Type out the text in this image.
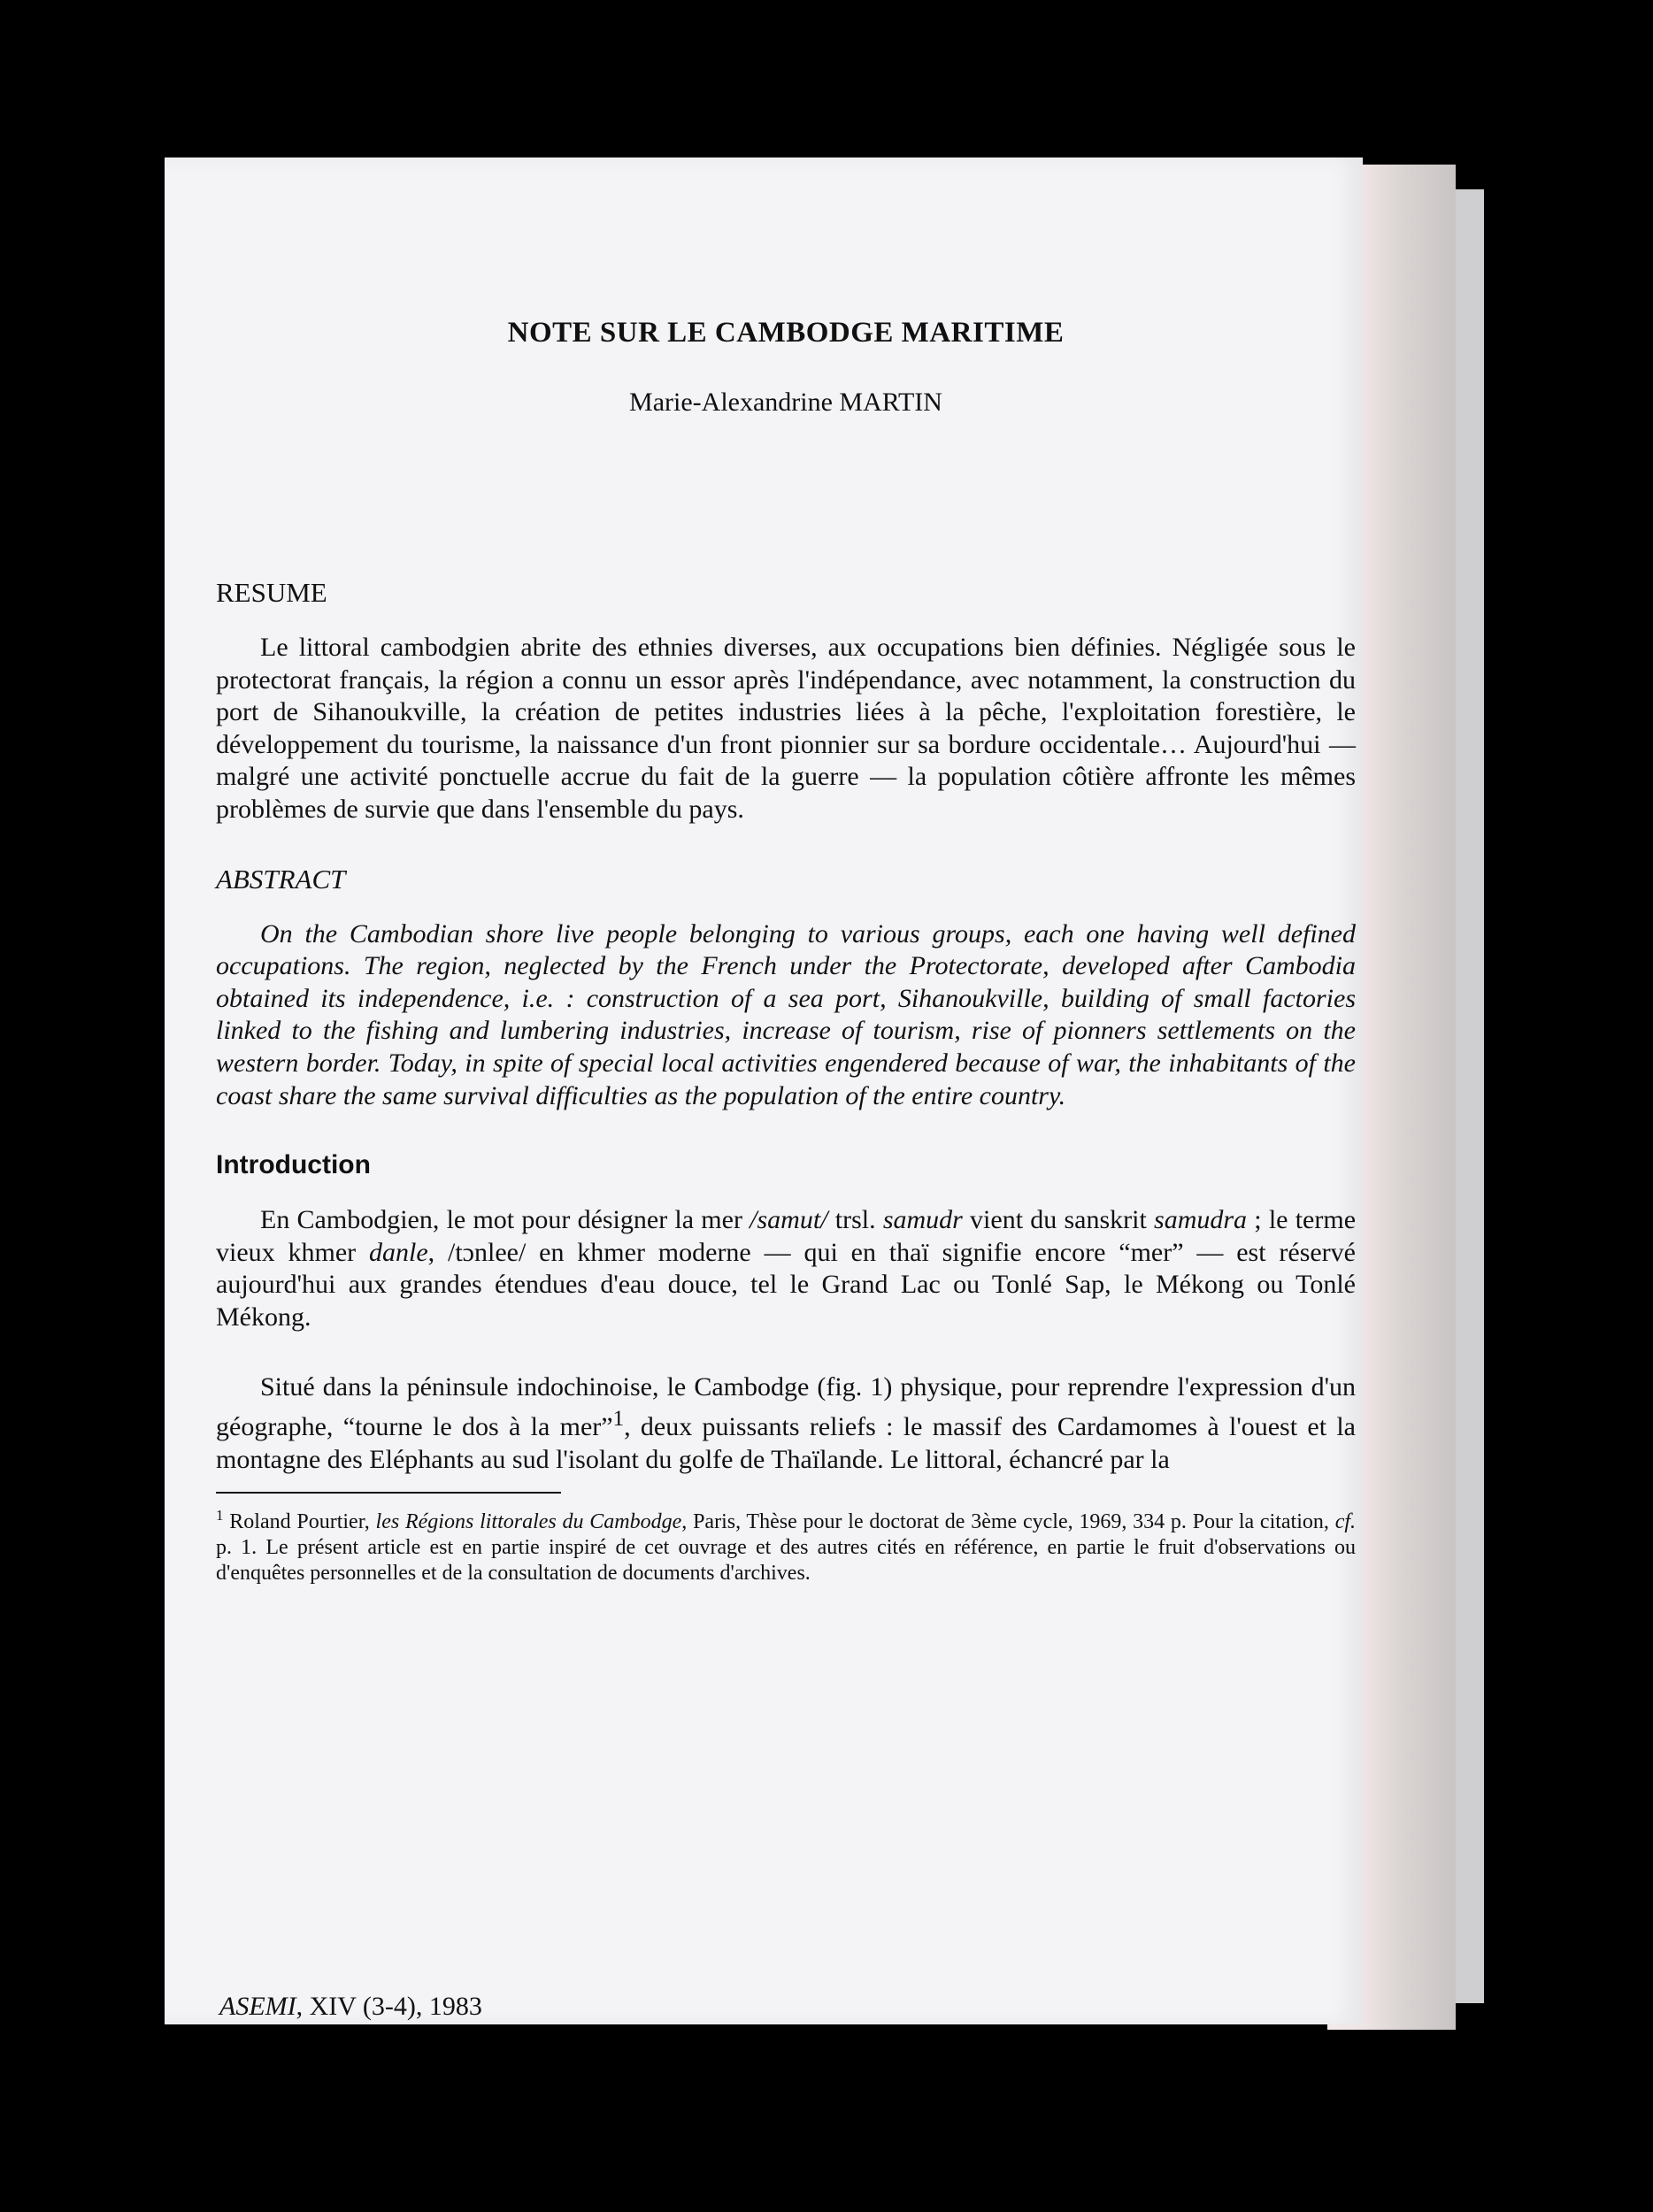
NOTE SUR LE CAMBODGE MARITIME
Marie-Alexandrine MARTIN
RESUME

Le littoral cambodgien abrite des ethnies diverses, aux occupations bien définies. Négligée sous le protectorat français, la région a connu un essor après l'indépendance, avec notamment, la construction du port de Sihanoukville, la création de petites industries liées à la pêche, l'exploitation forestière, le développement du tourisme, la naissance d'un front pionnier sur sa bordure occidentale… Aujourd'hui — malgré une activité ponctuelle accrue du fait de la guerre — la population côtière affronte les mêmes problèmes de survie que dans l'ensemble du pays.

ABSTRACT

On the Cambodian shore live people belonging to various groups, each one having well defined occupations. The region, neglected by the French under the Protectorate, developed after Cambodia obtained its independence, i.e. : construction of a sea port, Sihanoukville, building of small factories linked to the fishing and lumbering industries, increase of tourism, rise of pionners settlements on the western border. Today, in spite of special local activities engendered because of war, the inhabitants of the coast share the same survival difficulties as the population of the entire country.

Introduction

En Cambodgien, le mot pour désigner la mer /samut/ trsl. samudr vient du sanskrit samudra ; le terme vieux khmer danle, /tɔnlee/ en khmer moderne — qui en thaï signifie encore “mer” — est réservé aujourd'hui aux grandes étendues d'eau douce, tel le Grand Lac ou Tonlé Sap, le Mékong ou Tonlé Mékong.

Situé dans la péninsule indochinoise, le Cambodge (fig. 1) physique, pour reprendre l'expression d'un géographe, “tourne le dos à la mer”$^1$, deux puissants reliefs : le massif des Cardamomes à l'ouest et la montagne des Eléphants au sud l'isolant du golfe de Thaïlande. Le littoral, échancré par la

$^1$ Roland Pourtier, les Régions littorales du Cambodge, Paris, Thèse pour le doctorat de 3ème cycle, 1969, 334 p. Pour la citation, cf. p. 1. Le présent article est en partie inspiré de cet ouvrage et des autres cités en référence, en partie le fruit d'observations ou d'enquêtes personnelles et de la consultation de documents d'archives.

ASEMI, XIV (3-4), 1983
